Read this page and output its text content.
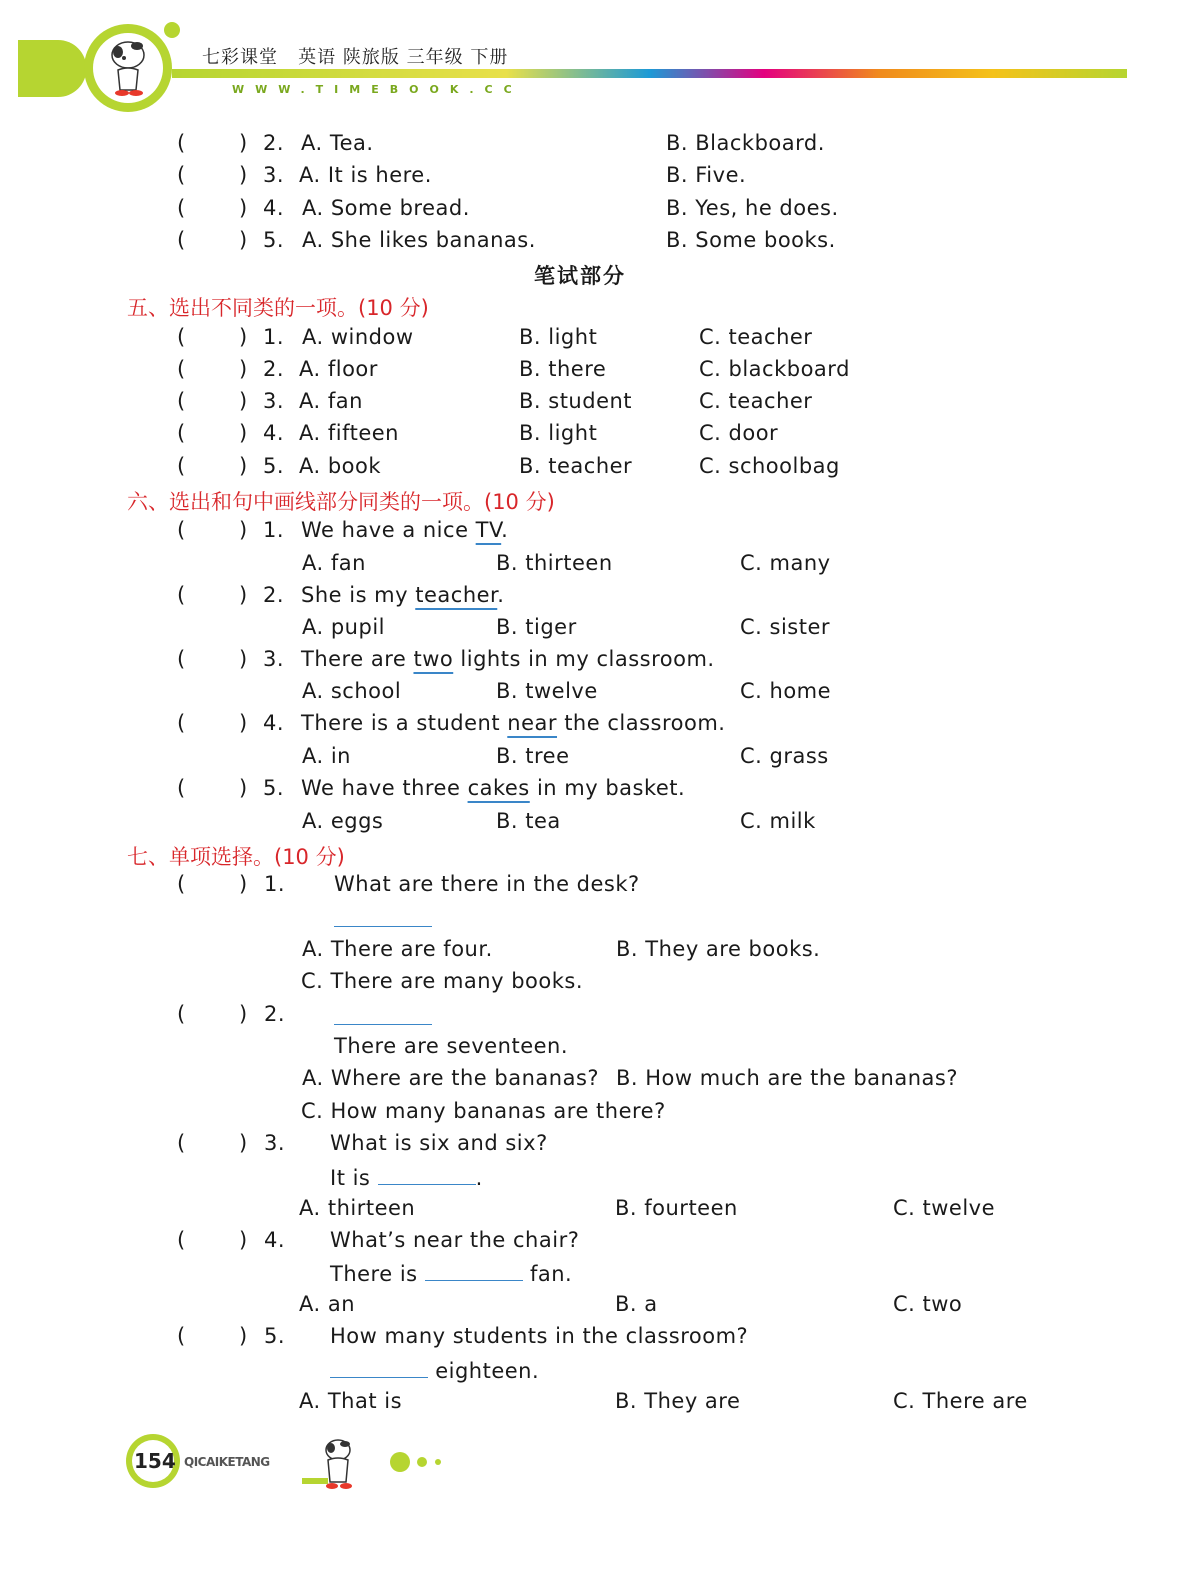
七彩课堂 英语 陕旅版 三年级 下册
WWW.TIMEBOOK.CC
(	) 2. A. Tea.	B. Blackboard.
(	) 3. A. It is here.	B. Five.
(	) 4. A. Some bread.	B. Yes, he does.
(	) 5. A. She likes bananas.	B. Some books.
笔试部分
五、选出不同类的一项。(10 分)
(	) 1. A. window	B. light	C. teacher
(	) 2. A. floor	B. there	C. blackboard
(	) 3. A. fan	B. student	C. teacher
(	) 4. A. fifteen	B. light	C. door
(	) 5. A. book	B. teacher	C. schoolbag
六、选出和句中画线部分同类的一项。(10 分)
(	) 1. We have a nice TV.
A. fan	B. thirteen	C. many
(	) 2. She is my teacher.
A. pupil	B. tiger	C. sister
(	) 3. There are two lights in my classroom.
A. school	B. twelve	C. home
(	) 4. There is a student near the classroom.
A. in	B. tree	C. grass
(	) 5. We have three cakes in my basket.
A. eggs	B. tea	C. milk
七、单项选择。(10 分)
(	) 1. What are there in the desk?
A. There are four.	B. They are books.
C. There are many books.
(	) 2.
There are seventeen.
A. Where are the bananas? B. How much are the bananas?
C. How many bananas are there?
(	) 3. What is six and six?
It is	.
A. thirteen	B. fourteen	C. twelve
(	) 4. What’s near the chair?
There is	fan.
A. an	B. a	C. two
(	) 5. How many students in the classroom?
eighteen.
A. That is	B. They are	C. There are
154 QICAIKETANG
